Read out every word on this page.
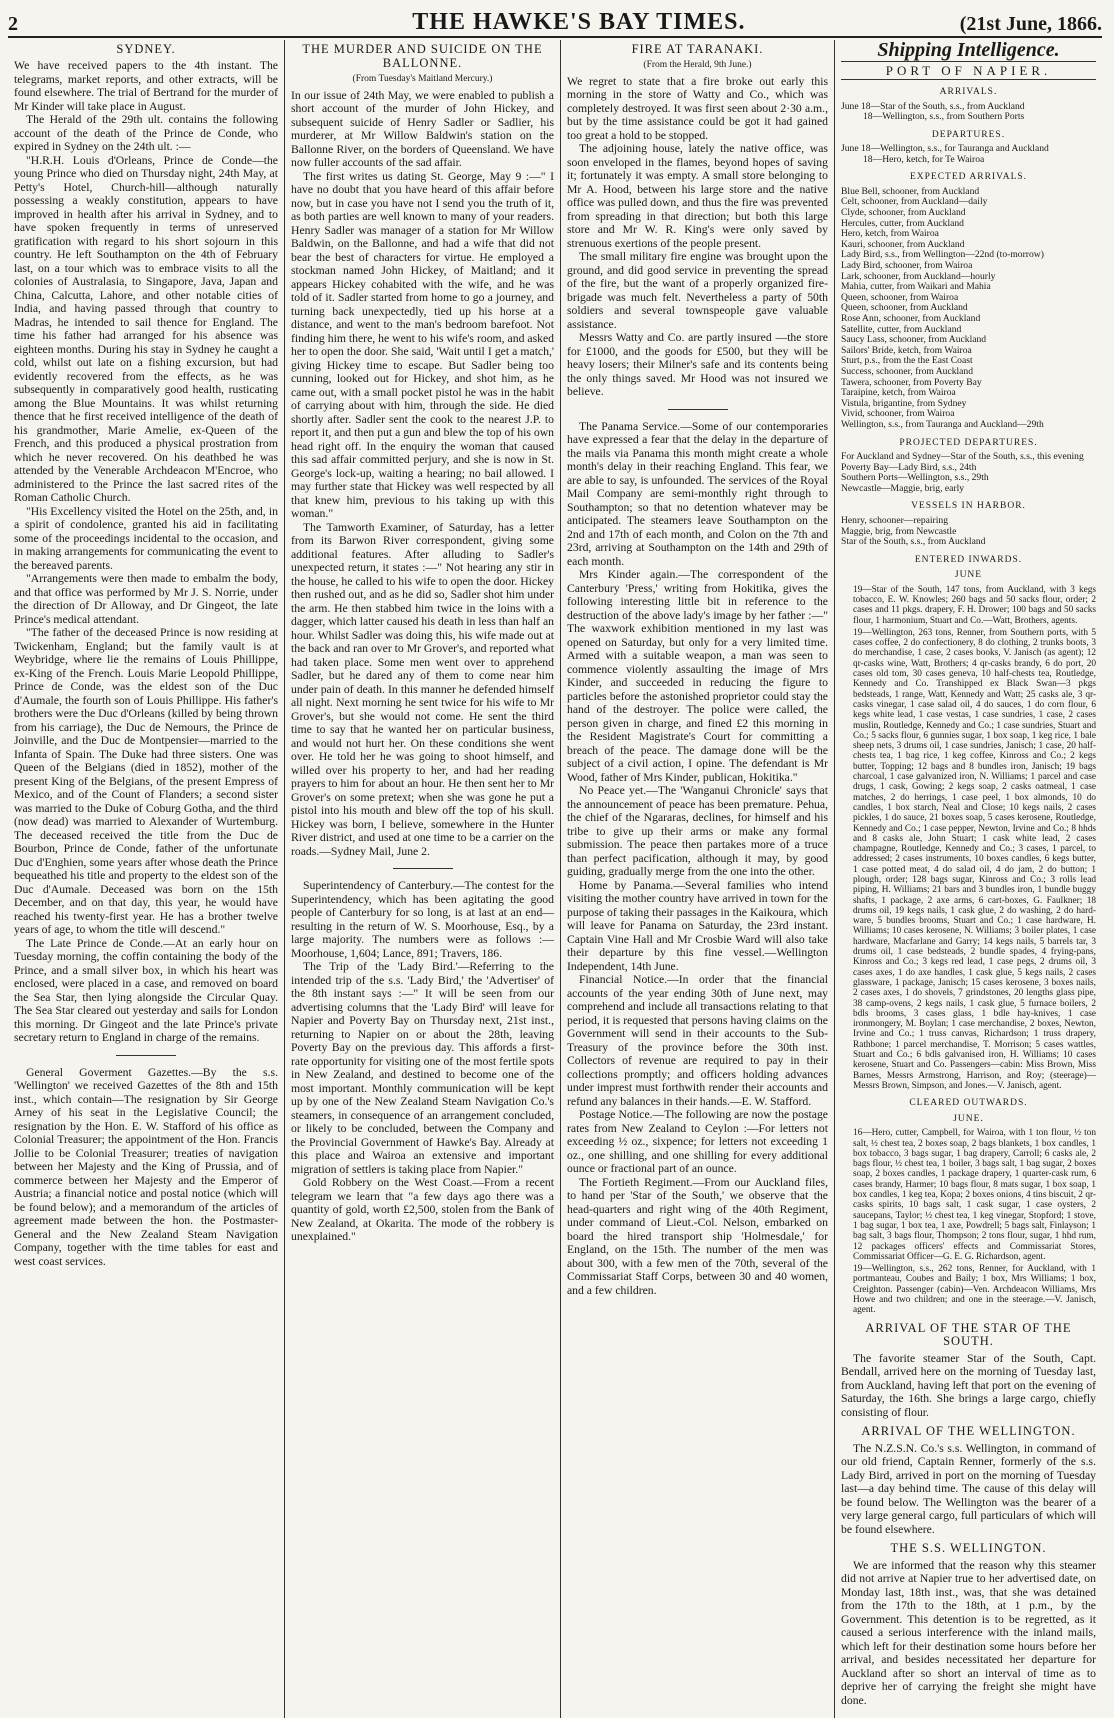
2	THE HAWKE'S BAY TIMES.	(21st June, 1866.
SYDNEY.

We have received papers to the 4th instant. The telegrams, market reports, and other extracts, will be found elsewhere. The trial of Bertrand for the murder of Mr Kinder will take place in August.

The Herald of the 29th ult. contains the following account of the death of the Prince de Conde, who expired in Sydney on the 24th ult. :—

"H.R.H. Louis d'Orleans, Prince de Conde—the young Prince who died on Thursday night, 24th May, at Petty's Hotel, Church-hill—although naturally possessing a weakly constitution, appears to have improved in health after his arrival in Sydney, and to have spoken frequently in terms of unreserved gratification with regard to his short sojourn in this country. He left Southampton on the 4th of February last, on a tour which was to embrace visits to all the colonies of Australasia, to Singapore, Java, Japan and China, Calcutta, Lahore, and other notable cities of India, and having passed through that country to Madras, he intended to sail thence for England. The time his father had arranged for his absence was eighteen months. During his stay in Sydney he caught a cold, whilst out late on a fishing excursion, but had evidently recovered from the effects, as he was subsequently in comparatively good health, rusticating among the Blue Mountains. It was whilst returning thence that he first received intelligence of the death of his grandmother, Marie Amelie, ex-Queen of the French, and this produced a physical prostration from which he never recovered. On his deathbed he was attended by the Venerable Archdeacon M'Encroe, who administered to the Prince the last sacred rites of the Roman Catholic Church.

"His Excellency visited the Hotel on the 25th, and, in a spirit of condolence, granted his aid in facilitating some of the proceedings incidental to the occasion, and in making arrangements for communicating the event to the bereaved parents.

"Arrangements were then made to embalm the body, and that office was performed by Mr J. S. Norrie, under the direction of Dr Alloway, and Dr Gingeot, the late Prince's medical attendant.

"The father of the deceased Prince is now residing at Twickenham, England; but the family vault is at Weybridge, where lie the remains of Louis Phillippe, ex-King of the French. Louis Marie Leopold Phillippe, Prince de Conde, was the eldest son of the Duc d'Aumale, the fourth son of Louis Phillippe. His father's brothers were the Duc d'Orleans (killed by being thrown from his carriage), the Duc de Nemours, the Prince de Joinville, and the Duc de Montpensier—married to the Infanta of Spain. The Duke had three sisters. One was Queen of the Belgians (died in 1852), mother of the present King of the Belgians, of the present Empress of Mexico, and of the Count of Flanders; a second sister was married to the Duke of Coburg Gotha, and the third (now dead) was married to Alexander of Wurtemburg. The deceased received the title from the Duc de Bourbon, Prince de Conde, father of the unfortunate Duc d'Enghien, some years after whose death the Prince bequeathed his title and property to the eldest son of the Duc d'Aumale. Deceased was born on the 15th December, and on that day, this year, he would have reached his twenty-first year. He has a brother twelve years of age, to whom the title will descend."

The Late Prince de Conde.—At an early hour on Tuesday morning, the coffin containing the body of the Prince, and a small silver box, in which his heart was enclosed, were placed in a case, and removed on board the Sea Star, then lying alongside the Circular Quay. The Sea Star cleared out yesterday and sails for London this morning. Dr Gingeot and the late Prince's private secretary return to England in charge of the remains.

General Goverment Gazettes.—By the s.s. 'Wellington' we received Gazettes of the 8th and 15th inst., which contain—The resignation by Sir George Arney of his seat in the Legislative Council; the resignation by the Hon. E. W. Stafford of his office as Colonial Treasurer; the appointment of the Hon. Francis Jollie to be Colonial Treasurer; treaties of navigation between her Majesty and the King of Prussia, and of commerce between her Majesty and the Emperor of Austria; a financial notice and postal notice (which will be found below); and a memorandum of the articles of agreement made between the hon. the Postmaster-General and the New Zealand Steam Navigation Company, together with the time tables for east and west coast services.

THE MURDER AND SUICIDE ON THE BALLONNE.
(From Tuesday's Maitland Mercury.)

In our issue of 24th May, we were enabled to publish a short account of the murder of John Hickey, and subsequent suicide of Henry Sadler or Sadlier, his murderer, at Mr Willow Baldwin's station on the Ballonne River, on the borders of Queensland. We have now fuller accounts of the sad affair.

The first writes us dating St. George, May 9 :—" I have no doubt that you have heard of this affair before now, but in case you have not I send you the truth of it, as both parties are well known to many of your readers. Henry Sadler was manager of a station for Mr Willow Baldwin, on the Ballonne, and had a wife that did not bear the best of characters for virtue. He employed a stockman named John Hickey, of Maitland; and it appears Hickey cohabited with the wife, and he was told of it. Sadler started from home to go a journey, and turning back unexpectedly, tied up his horse at a distance, and went to the man's bedroom barefoot. Not finding him there, he went to his wife's room, and asked her to open the door. She said, 'Wait until I get a match,' giving Hickey time to escape. But Sadler being too cunning, looked out for Hickey, and shot him, as he came out, with a small pocket pistol he was in the habit of carrying about with him, through the side. He died shortly after. Sadler sent the cook to the nearest J.P. to report it, and then put a gun and blew the top of his own head right off. In the enquiry the woman that caused this sad affair committed perjury, and she is now in St. George's lock-up, waiting a hearing; no bail allowed. I may further state that Hickey was well respected by all that knew him, previous to his taking up with this woman."

The Tamworth Examiner, of Saturday, has a letter from its Barwon River correspondent, giving some additional features. After alluding to Sadler's unexpected return, it states :—" Not hearing any stir in the house, he called to his wife to open the door. Hickey then rushed out, and as he did so, Sadler shot him under the arm. He then stabbed him twice in the loins with a dagger, which latter caused his death in less than half an hour. Whilst Sadler was doing this, his wife made out at the back and ran over to Mr Grover's, and reported what had taken place. Some men went over to apprehend Sadler, but he dared any of them to come near him under pain of death. In this manner he defended himself all night. Next morning he sent twice for his wife to Mr Grover's, but she would not come. He sent the third time to say that he wanted her on particular business, and would not hurt her. On these conditions she went over. He told her he was going to shoot himself, and willed over his property to her, and had her reading prayers to him for about an hour. He then sent her to Mr Grover's on some pretext; when she was gone he put a pistol into his mouth and blew off the top of his skull. Hickey was born, I believe, somewhere in the Hunter River district, and used at one time to be a carrier on the roads.—Sydney Mail, June 2.

Superintendency of Canterbury.—The contest for the Superintendency, which has been agitating the good people of Canterbury for so long, is at last at an end—resulting in the return of W. S. Moorhouse, Esq., by a large majority. The numbers were as follows :—Moorhouse, 1,604; Lance, 891; Travers, 186.

The Trip of the 'Lady Bird.'—Referring to the intended trip of the s.s. 'Lady Bird,' the 'Advertiser' of the 8th instant says :—" It will be seen from our advertising columns that the 'Lady Bird' will leave for Napier and Poverty Bay on Thursday next, 21st inst., returning to Napier on or about the 28th, leaving Poverty Bay on the previous day. This affords a first-rate opportunity for visiting one of the most fertile spots in New Zealand, and destined to become one of the most important. Monthly communication will be kept up by one of the New Zealand Steam Navigation Co.'s steamers, in consequence of an arrangement concluded, or likely to be concluded, between the Company and the Provincial Government of Hawke's Bay. Already at this place and Wairoa an extensive and important migration of settlers is taking place from Napier."

Gold Robbery on the West Coast.—From a recent telegram we learn that "a few days ago there was a quantity of gold, worth £2,500, stolen from the Bank of New Zealand, at Okarita. The mode of the robbery is unexplained."

FIRE AT TARANAKI.
(From the Herald, 9th June.)

We regret to state that a fire broke out early this morning in the store of Watty and Co., which was completely destroyed. It was first seen about 2·30 a.m., but by the time assistance could be got it had gained too great a hold to be stopped.

The adjoining house, lately the native office, was soon enveloped in the flames, beyond hopes of saving it; fortunately it was empty. A small store belonging to Mr A. Hood, between his large store and the native office was pulled down, and thus the fire was prevented from spreading in that direction; but both this large store and Mr W. R. King's were only saved by strenuous exertions of the people present.

The small military fire engine was brought upon the ground, and did good service in preventing the spread of the fire, but the want of a properly organized fire-brigade was much felt. Nevertheless a party of 50th soldiers and several townspeople gave valuable assistance.

Messrs Watty and Co. are partly insured —the store for £1000, and the goods for £500, but they will be heavy losers; their Milner's safe and its contents being the only things saved. Mr Hood was not insured we believe.

The Panama Service.—Some of our contemporaries have expressed a fear that the delay in the departure of the mails via Panama this month might create a whole month's delay in their reaching England. This fear, we are able to say, is unfounded. The services of the Royal Mail Company are semi-monthly right through to Southampton; so that no detention whatever may be anticipated. The steamers leave Southampton on the 2nd and 17th of each month, and Colon on the 7th and 23rd, arriving at Southampton on the 14th and 29th of each month.

Mrs Kinder again.—The correspondent of the Canterbury 'Press,' writing from Hokitika, gives the following interesting little bit in reference to the destruction of the above lady's image by her father :—" The waxwork exhibition mentioned in my last was opened on Saturday, but only for a very limited time. Armed with a suitable weapon, a man was seen to commence violently assaulting the image of Mrs Kinder, and succeeded in reducing the figure to particles before the astonished proprietor could stay the hand of the destroyer. The police were called, the person given in charge, and fined £2 this morning in the Resident Magistrate's Court for committing a breach of the peace. The damage done will be the subject of a civil action, I opine. The defendant is Mr Wood, father of Mrs Kinder, publican, Hokitika."

No Peace yet.—The 'Wanganui Chronicle' says that the announcement of peace has been premature. Pehua, the chief of the Ngararas, declines, for himself and his tribe to give up their arms or make any formal submission. The peace then partakes more of a truce than perfect pacification, although it may, by good guiding, gradually merge from the one into the other.

Home by Panama.—Several families who intend visiting the mother country have arrived in town for the purpose of taking their passages in the Kaikoura, which will leave for Panama on Saturday, the 23rd instant. Captain Vine Hall and Mr Crosbie Ward will also take their departure by this fine vessel.—Wellington Independent, 14th June.

Financial Notice.—In order that the financial accounts of the year ending 30th of June next, may comprehend and include all transactions relating to that period, it is requested that persons having claims on the Government will send in their accounts to the Sub-Treasury of the province before the 30th inst. Collectors of revenue are required to pay in their collections promptly; and officers holding advances under imprest must forthwith render their accounts and refund any balances in their hands.—E. W. Stafford.

Postage Notice.—The following are now the postage rates from New Zealand to Ceylon :—For letters not exceeding ½ oz., sixpence; for letters not exceeding 1 oz., one shilling, and one shilling for every additional ounce or fractional part of an ounce.

The Fortieth Regiment.—From our Auckland files, to hand per 'Star of the South,' we observe that the head-quarters and right wing of the 40th Regiment, under command of Lieut.-Col. Nelson, embarked on board the hired transport ship 'Holmesdale,' for England, on the 15th. The number of the men was about 300, with a few men of the 70th, several of the Commissariat Staff Corps, between 30 and 40 women, and a few children.

Shipping Intelligence.
PORT OF NAPIER.
ARRIVALS.
June 18—Star of the South, s.s., from Auckland
18—Wellington, s.s., from Southern Ports
DEPARTURES.
June 18—Wellington, s.s., for Tauranga and Auckland
18—Hero, ketch, for Te Wairoa
EXPECTED ARRIVALS.
Blue Bell, schooner, from Auckland
Celt, schooner, from Auckland—daily
Clyde, schooner, from Auckland
Hercules, cutter, from Auckland
Hero, ketch, from Wairoa
Kauri, schooner, from Auckland
Lady Bird, s.s., from Wellington—22nd (to-morrow)
Lady Bird, schooner, from Wairoa
Lark, schooner, from Auckland—hourly
Mahia, cutter, from Waikari and Mahia
Queen, schooner, from Wairoa
Queen, schooner, from Auckland
Rose Ann, schooner, from Auckland
Satellite, cutter, from Auckland
Saucy Lass, schooner, from Auckland
Sailors' Bride, ketch, from Wairoa
Sturt, p.s., from the the East Coast
Success, schooner, from Auckland
Tawera, schooner, from Poverty Bay
Taraipine, ketch, from Wairoa
Vistula, brigantine, from Sydney
Vivid, schooner, from Wairoa
Wellington, s.s., from Tauranga and Auckland—29th
PROJECTED DEPARTURES.
For Auckland and Sydney—Star of the South, s.s., this evening
Poverty Bay—Lady Bird, s.s., 24th
Southern Ports—Wellington, s.s., 29th
Newcastle—Maggie, brig, early
VESSELS IN HARBOR.
Henry, schooner—repairing
Maggie, brig, from Newcastle
Star of the South, s.s., from Auckland
ENTERED INWARDS.
JUNE
19—Star of the South, 147 tons, from Auckland, with 3 kegs tobacco, E. W. Knowles; 260 bags and 50 sacks flour, order; 2 cases and 11 pkgs. drapery, F. H. Drower; 100 bags and 50 sacks flour, 1 harmonium, Stuart and Co.—Watt, Brothers, agents.
19—Wellington, 263 tons, Renner, from Southern ports, with 5 cases coffee, 2 do confectionery, 8 do clothing, 2 trunks boots, 3 do merchandise, 1 case, 2 cases books, V. Janisch (as agent); 12 qr-casks wine, Watt, Brothers; 4 qr-casks brandy, 6 do port, 20 cases old tom, 30 cases geneva, 10 half-chests tea, Routledge, Kennedy and Co. Transhipped ex Black Swan—3 pkgs bedsteads, 1 range, Watt, Kennedy and Watt; 25 casks ale, 3 qr-casks vinegar, 1 case salad oil, 4 do sauces, 1 do corn flour, 6 kegs white lead, 1 case vestas, 1 case sundries, 1 case, 2 cases muslin, Routledge, Kennedy and Co.; 1 case sundries, Stuart and Co.; 5 sacks flour, 6 gunnies sugar, 1 box soap, 1 keg rice, 1 bale sheep nets, 3 drums oil, 1 case sundries, Janisch; 1 case, 20 half-chests tea, 1 bag rice, 1 keg coffee, Kinross and Co.; 2 kegs butter, Topping; 12 bags and 8 bundles iron, Janisch; 19 bags charcoal, 1 case galvanized iron, N. Williams; 1 parcel and case drugs, 1 cask, Gowing; 2 kegs soap, 2 casks oatmeal, 1 case matches, 2 do herrings, 1 case peel, 1 box almonds, 10 do candles, 1 box starch, Neal and Close; 10 kegs nails, 2 cases pickles, 1 do sauce, 21 boxes soap, 5 cases kerosene, Routledge, Kennedy and Co.; 1 case pepper, Newton, Irvine and Co.; 8 hhds and 8 casks ale, John Stuart; 1 cask white lead, 2 cases champagne, Routledge, Kennedy and Co.; 3 cases, 1 parcel, to addressed; 2 cases instruments, 10 boxes candles, 6 kegs butter, 1 case potted meat, 4 do salad oil, 4 do jam, 2 do button; 1 plough, order; 128 bags sugar, Kinross and Co.; 3 rolls lead piping, H. Williams; 21 bars and 3 bundles iron, 1 bundle buggy shafts, 1 package, 2 axe arms, 6 cart-boxes, G. Faulkner; 18 drums oil, 19 kegs nails, 1 cask glue, 2 do washing, 2 do hard-ware, 5 bundles brooms, Stuart and Co.; 1 case hardware, H. Williams; 10 cases kerosene, N. Williams; 3 boiler plates, 1 case hardware, Macfarlane and Garry; 14 kegs nails, 5 barrels tar, 3 drums oil, 1 case bedsteads, 2 bundle spades, 4 frying-pans, Kinross and Co.; 3 kegs red lead, 1 case pegs, 2 drums oil, 3 cases axes, 1 do axe handles, 1 cask glue, 5 kegs nails, 2 cases glassware, 1 package, Janisch; 15 cases kerosene, 3 boxes nails, 2 cases axes, 1 do shovels, 7 grindstones, 20 lengths glass pipe, 38 camp-ovens, 2 kegs nails, 1 cask glue, 5 furnace boilers, 2 bdls brooms, 3 cases glass, 1 bdle hay-knives, 1 case ironmongery, M. Boylan; 1 case merchandise, 2 boxes, Newton, Irvine and Co.; 1 truss canvas, Richardson; 1 truss drapery, Rathbone; 1 parcel merchandise, T. Morrison; 5 cases wattles, Stuart and Co.; 6 bdls galvanised iron, H. Williams; 10 cases kerosene, Stuart and Co. Passengers—cabin: Miss Brown, Miss Barnes, Messrs Armstrong, Harrison, and Roy; (steerage)—Messrs Brown, Simpson, and Jones.—V. Janisch, agent.
CLEARED OUTWARDS.
JUNE.
16—Hero, cutter, Campbell, for Wairoa, with 1 ton flour, ½ ton salt, ½ chest tea, 2 boxes soap, 2 bags blankets, 1 box candles, 1 box tobacco, 3 bags sugar, 1 bag drapery, Carroll; 6 casks ale, 2 bags flour, ½ chest tea, 1 boiler, 3 bags salt, 1 bag sugar, 2 boxes soap, 2 boxes candles, 1 package drapery, 1 quarter-cask rum, 6 cases brandy, Harmer; 10 bags flour, 8 mats sugar, 1 box soap, 1 box candles, 1 keg tea, Kopa; 2 boxes onions, 4 tins biscuit, 2 qr-casks spirits, 10 bags salt, 1 cask sugar, 1 case oysters, 2 saucepans, Taylor; ½ chest tea, 1 keg vinegar, Stopford; 1 stove, 1 bag sugar, 1 box tea, 1 axe, Powdrell; 5 bags salt, Finlayson; 1 bag salt, 3 bags flour, Thompson; 2 tons flour, sugar, 1 hhd rum, 12 packages officers' effects and Commissariat Stores, Commissariat Officer—G. E. G. Richardson, agent.
19—Wellington, s.s., 262 tons, Renner, for Auckland, with 1 portmanteau, Coubes and Baily; 1 box, Mrs Williams; 1 box, Creighton. Passenger (cabin)—Ven. Archdeacon Williams, Mrs Howe and two children; and one in the steerage.—V. Janisch, agent.
ARRIVAL OF THE STAR OF THE SOUTH.

The favorite steamer Star of the South, Capt. Bendall, arrived here on the morning of Tuesday last, from Auckland, having left that port on the evening of Saturday, the 16th. She brings a large cargo, chiefly consisting of flour.

ARRIVAL OF THE WELLINGTON.

The N.Z.S.N. Co.'s s.s. Wellington, in command of our old friend, Captain Renner, formerly of the s.s. Lady Bird, arrived in port on the morning of Tuesday last—a day behind time. The cause of this delay will be found below. The Wellington was the bearer of a very large general cargo, full particulars of which will be found elsewhere.

THE S.S. WELLINGTON.

We are informed that the reason why this steamer did not arrive at Napier true to her advertised date, on Monday last, 18th inst., was, that she was detained from the 17th to the 18th, at 1 p.m., by the Government. This detention is to be regretted, as it caused a serious interference with the inland mails, which left for their destination some hours before her arrival, and besides necessitated her departure for Auckland after so short an interval of time as to deprive her of carrying the freight she might have done.
